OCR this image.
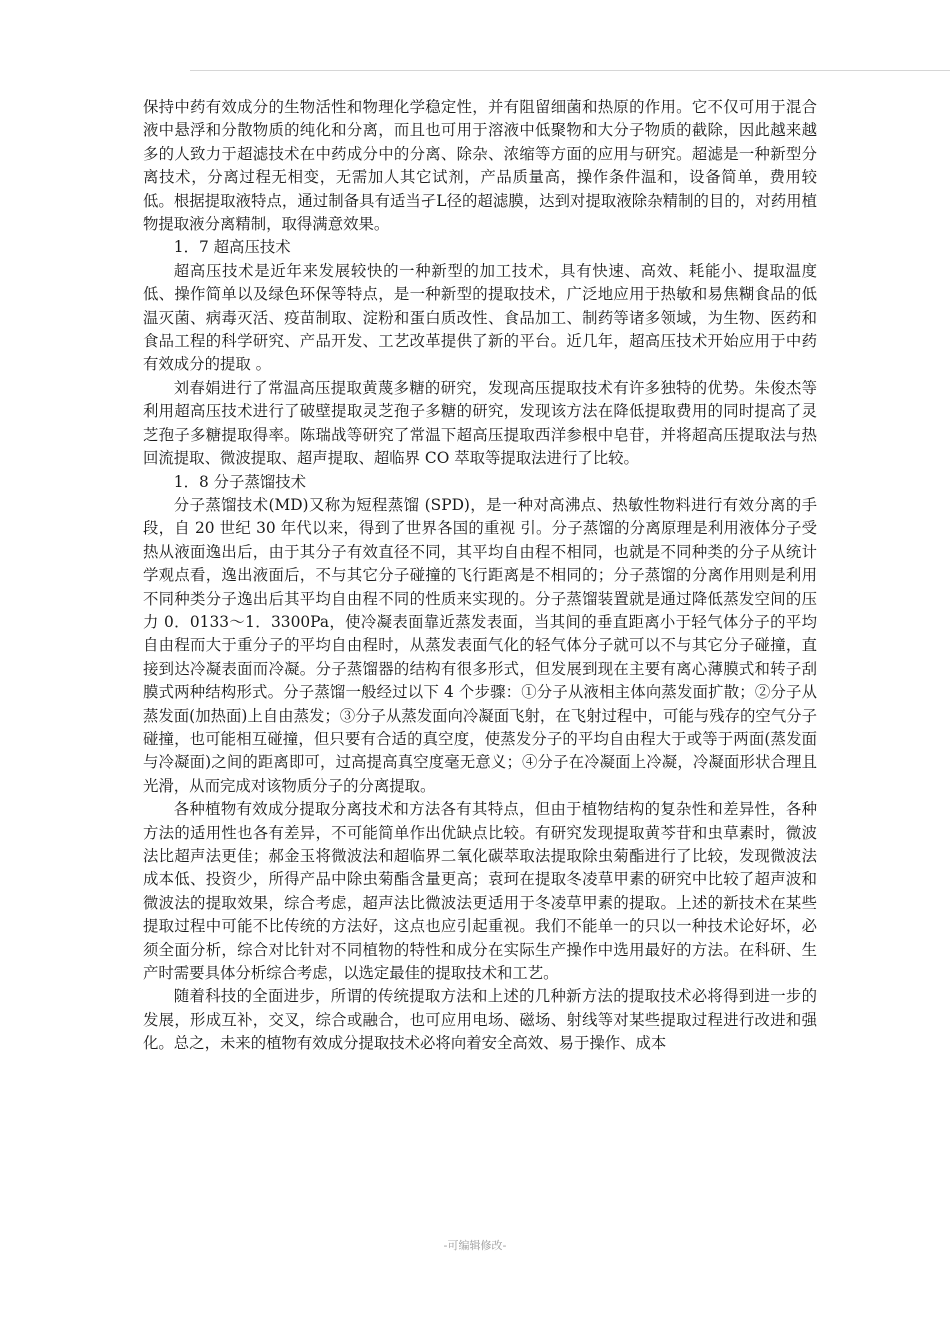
保持中药有效成分的生物活性和物理化学稳定性，并有阻留细菌和热原的作用。它不仅可用于混合液中悬浮和分散物质的纯化和分离，而且也可用于溶液中低聚物和大分子物质的截除，因此越来越多的人致力于超滤技术在中药成分中的分离、除杂、浓缩等方面的应用与研究。超滤是一种新型分离技术，分离过程无相变，无需加人其它试剂，产品质量高，操作条件温和，设备简单，费用较低。根据提取液特点，通过制备具有适当孑L径的超滤膜，达到对提取液除杂精制的目的，对药用植物提取液分离精制，取得满意效果。

1．7 超高压技术

超高压技术是近年来发展较快的一种新型的加工技术，具有快速、高效、耗能小、提取温度低、操作简单以及绿色环保等特点，是一种新型的提取技术，广泛地应用于热敏和易焦糊食品的低温灭菌、病毒灭活、疫苗制取、淀粉和蛋白质改性、食品加工、制药等诸多领域，为生物、医药和食品工程的科学研究、产品开发、工艺改革提供了新的平台。近几年，超高压技术开始应用于中药有效成分的提取 。

刘春娟进行了常温高压提取黄蔑多糖的研究，发现高压提取技术有许多独特的优势。朱俊杰等利用超高压技术进行了破壁提取灵芝孢子多糖的研究，发现该方法在降低提取费用的同时提高了灵芝孢子多糖提取得率。陈瑞战等研究了常温下超高压提取西洋参根中皂苷，并将超高压提取法与热回流提取、微波提取、超声提取、超临界 CO 萃取等提取法进行了比较。

1．8 分子蒸馏技术

分子蒸馏技术(MD)又称为短程蒸馏 (SPD)，是一种对高沸点、热敏性物料进行有效分离的手段，自 20 世纪 30 年代以来，得到了世界各国的重视 引。分子蒸馏的分离原理是利用液体分子受热从液面逸出后，由于其分子有效直径不同，其平均自由程不相同，也就是不同种类的分子从统计学观点看，逸出液面后，不与其它分子碰撞的飞行距离是不相同的；分子蒸馏的分离作用则是利用不同种类分子逸出后其平均自由程不同的性质来实现的。分子蒸馏装置就是通过降低蒸发空间的压力 0．0133～1．3300Pa，使冷凝表面靠近蒸发表面，当其间的垂直距离小于轻气体分子的平均自由程而大于重分子的平均自由程时，从蒸发表面气化的轻气体分子就可以不与其它分子碰撞，直接到达冷凝表面而冷凝。分子蒸馏器的结构有很多形式，但发展到现在主要有离心薄膜式和转子刮膜式两种结构形式。分子蒸馏一般经过以下 4 个步骤：①分子从液相主体向蒸发面扩散；②分子从蒸发面(加热面)上自由蒸发；③分子从蒸发面向冷凝面飞射，在飞射过程中，可能与残存的空气分子碰撞，也可能相互碰撞，但只要有合适的真空度，使蒸发分子的平均自由程大于或等于两面(蒸发面与冷凝面)之间的距离即可，过高提高真空度毫无意义；④分子在冷凝面上冷凝，冷凝面形状合理且光滑，从而完成对该物质分子的分离提取。

各种植物有效成分提取分离技术和方法各有其特点，但由于植物结构的复杂性和差异性，各种方法的适用性也各有差异，不可能简单作出优缺点比较。有研究发现提取黄芩苷和虫草素时，微波法比超声法更佳；郝金玉将微波法和超临界二氧化碳萃取法提取除虫菊酯进行了比较，发现微波法成本低、投资少，所得产品中除虫菊酯含量更高；袁珂在提取冬凌草甲素的研究中比较了超声波和微波法的提取效果，综合考虑，超声法比微波法更适用于冬凌草甲素的提取。上述的新技术在某些提取过程中可能不比传统的方法好，这点也应引起重视。我们不能单一的只以一种技术论好坏，必须全面分析，综合对比针对不同植物的特性和成分在实际生产操作中选用最好的方法。在科研、生产时需要具体分析综合考虑，以选定最佳的提取技术和工艺。

随着科技的全面进步，所谓的传统提取方法和上述的几种新方法的提取技术必将得到进一步的发展，形成互补，交叉，综合或融合，也可应用电场、磁场、射线等对某些提取过程进行改进和强化。总之，未来的植物有效成分提取技术必将向着安全高效、易于操作、成本

-可编辑修改-
